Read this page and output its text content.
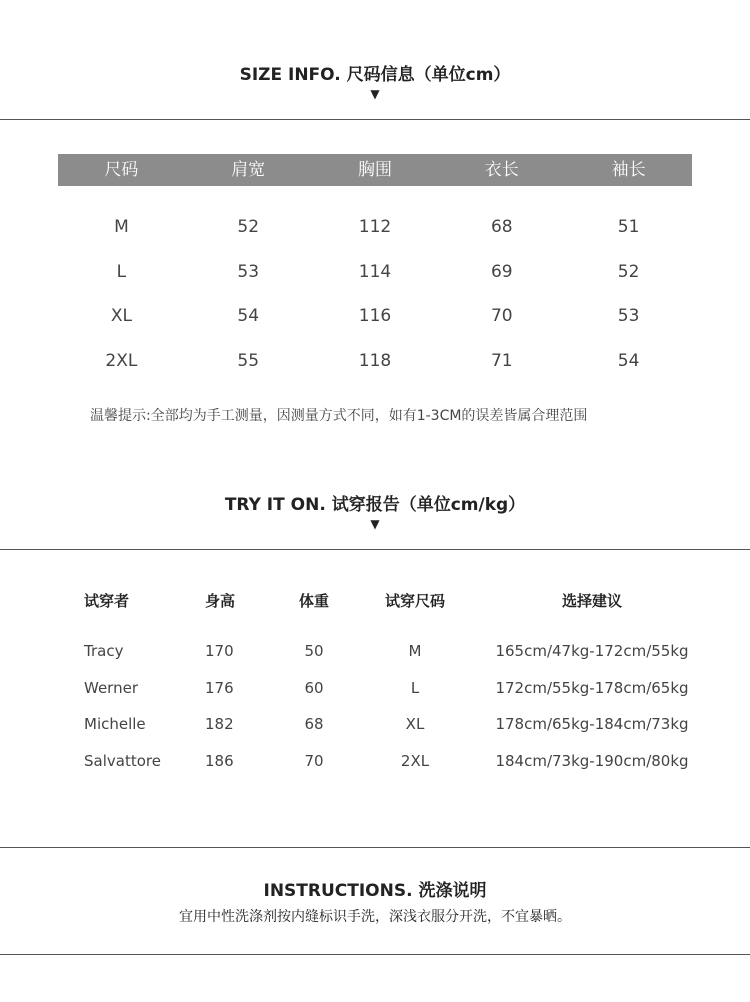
SIZE INFO. 尺码信息（单位cm）
▼
尺码	肩宽	胸围	衣长	袖长
M	52	112	68	51
L	53	114	69	52
XL	54	116	70	53
2XL	55	118	71	54
温馨提示:全部均为手工测量，因测量方式不同，如有1-3CM的误差皆属合理范围
TRY IT ON. 试穿报告（单位cm/kg）
▼
试穿者	身高	体重	试穿尺码	选择建议
Tracy	170	50	M	165cm/47kg-172cm/55kg
Werner	176	60	L	172cm/55kg-178cm/65kg
Michelle	182	68	XL	178cm/65kg-184cm/73kg
Salvattore	186	70	2XL	184cm/73kg-190cm/80kg
INSTRUCTIONS. 洗涤说明
宜用中性洗涤剂按内缝标识手洗，深浅衣服分开洗，不宜暴晒。
